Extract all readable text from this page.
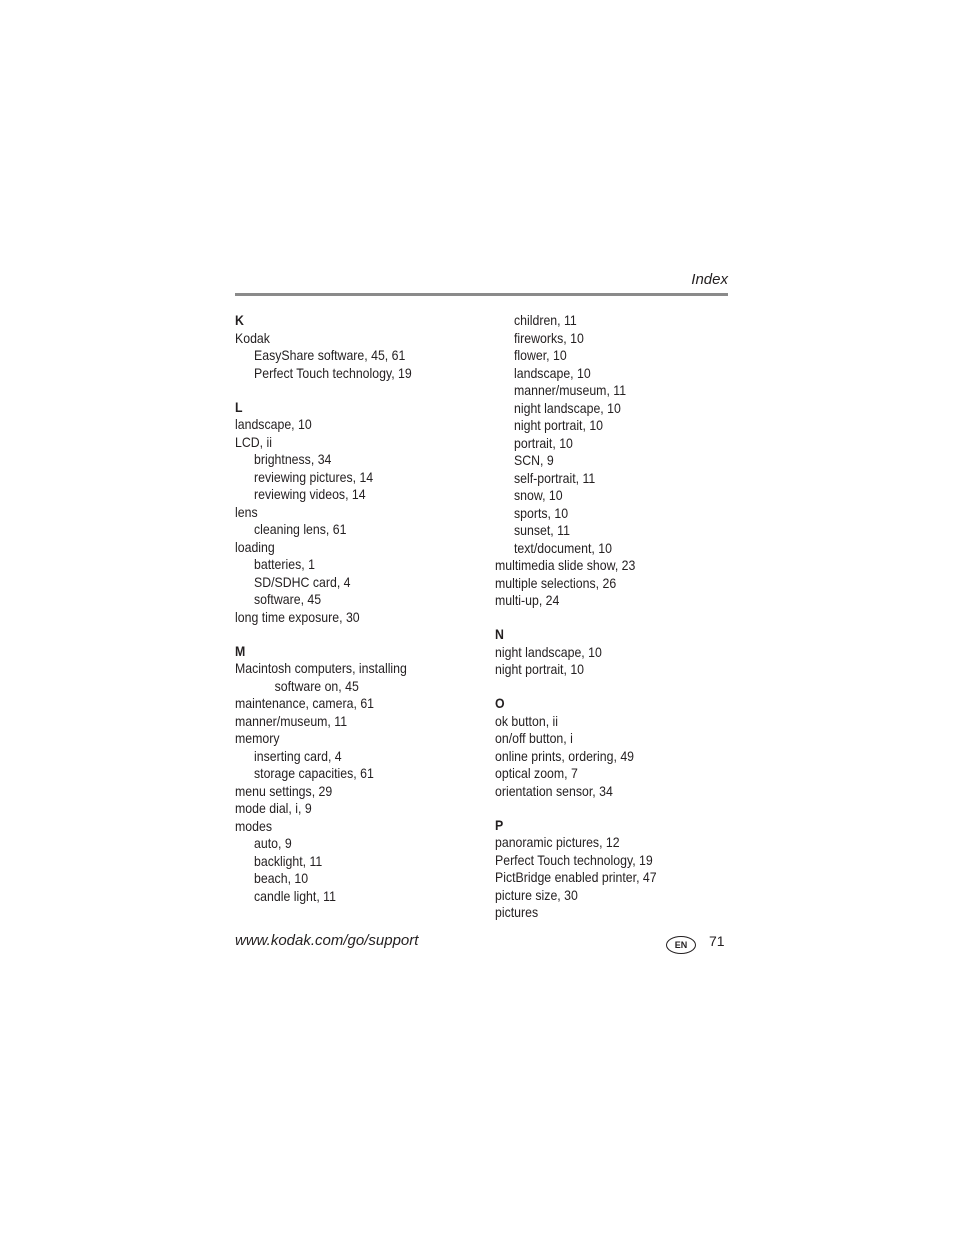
Index
K
Kodak
EasyShare software, 45, 61
Perfect Touch technology, 19
L
landscape, 10
LCD, ii
brightness, 34
reviewing pictures, 14
reviewing videos, 14
lens
cleaning lens, 61
loading
batteries, 1
SD/SDHC card, 4
software, 45
long time exposure, 30
M
Macintosh computers, installing
software on, 45
maintenance, camera, 61
manner/museum, 11
memory
inserting card, 4
storage capacities, 61
menu settings, 29
mode dial, i, 9
modes
auto, 9
backlight, 11
beach, 10
candle light, 11
children, 11
fireworks, 10
flower, 10
landscape, 10
manner/museum, 11
night landscape, 10
night portrait, 10
portrait, 10
SCN, 9
self-portrait, 11
snow, 10
sports, 10
sunset, 11
text/document, 10
multimedia slide show, 23
multiple selections, 26
multi-up, 24
N
night landscape, 10
night portrait, 10
O
ok button, ii
on/off button, i
online prints, ordering, 49
optical zoom, 7
orientation sensor, 34
P
panoramic pictures, 12
Perfect Touch technology, 19
PictBridge enabled printer, 47
picture size, 30
pictures
www.kodak.com/go/support	EN	71
